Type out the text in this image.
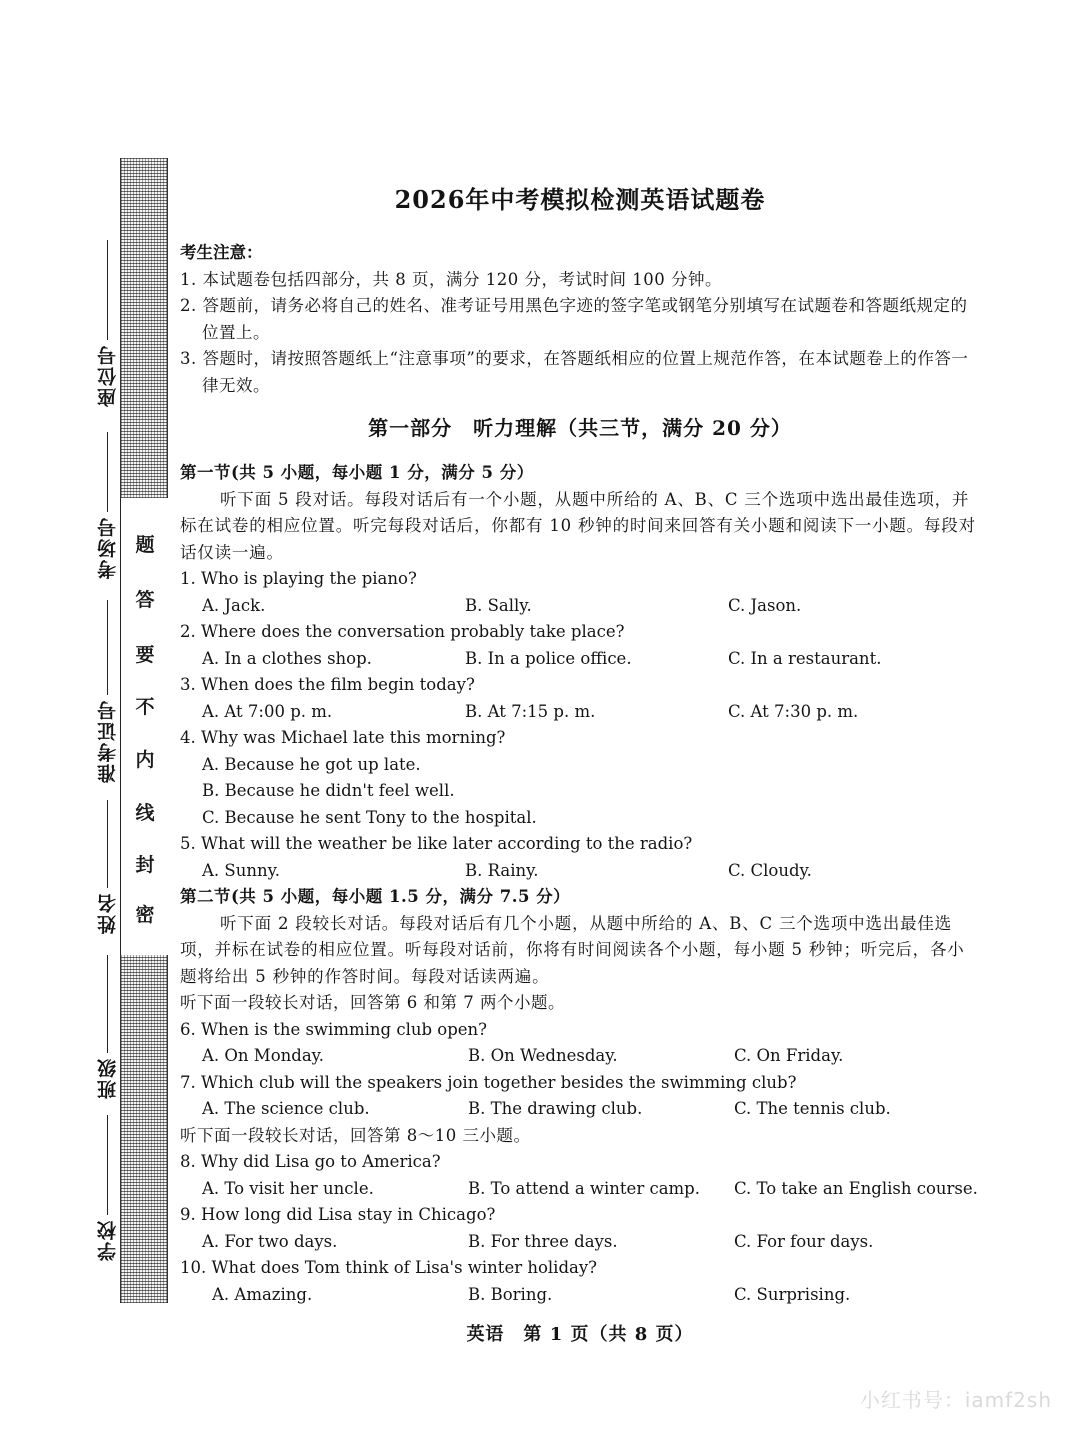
题
答
要
不
内
线
封
密
座位号
考场号
准考证号
姓名
班级
学校
2026年中考模拟检测英语试题卷
考生注意：
1. 本试题卷包括四部分，共 8 页，满分 120 分，考试时间 100 分钟。
2. 答题前，请务必将自己的姓名、准考证号用黑色字迹的签字笔或钢笔分别填写在试题卷和答题纸规定的位置上。
3. 答题时，请按照答题纸上“注意事项”的要求，在答题纸相应的位置上规范作答，在本试题卷上的作答一律无效。
第一部分　听力理解（共三节，满分 20 分）
第一节(共 5 小题，每小题 1 分，满分 5 分）
听下面 5 段对话。每段对话后有一个小题，从题中所给的 A、B、C 三个选项中选出最佳选项，并标在试卷的相应位置。听完每段对话后，你都有 10 秒钟的时间来回答有关小题和阅读下一小题。每段对话仅读一遍。
1. Who is playing the piano?
A. Jack.	B. Sally.	C. Jason.
2. Where does the conversation probably take place?
A. In a clothes shop.	B. In a police office.	C. In a restaurant.
3. When does the film begin today?
A. At 7:00 p. m.	B. At 7:15 p. m.	C. At 7:30 p. m.
4. Why was Michael late this morning?
A. Because he got up late.
B. Because he didn't feel well.
C. Because he sent Tony to the hospital.
5. What will the weather be like later according to the radio?
A. Sunny.	B. Rainy.	C. Cloudy.
第二节(共 5 小题，每小题 1.5 分，满分 7.5 分）
听下面 2 段较长对话。每段对话后有几个小题，从题中所给的 A、B、C 三个选项中选出最佳选项，并标在试卷的相应位置。听每段对话前，你将有时间阅读各个小题，每小题 5 秒钟；听完后，各小题将给出 5 秒钟的作答时间。每段对话读两遍。
听下面一段较长对话，回答第 6 和第 7 两个小题。
6. When is the swimming club open?
A. On Monday.	B. On Wednesday.	C. On Friday.
7. Which club will the speakers join together besides the swimming club?
A. The science club.	B. The drawing club.	C. The tennis club.
听下面一段较长对话，回答第 8～10 三小题。
8. Why did Lisa go to America?
A. To visit her uncle.	B. To attend a winter camp.	C. To take an English course.
9. How long did Lisa stay in Chicago?
A. For two days.	B. For three days.	C. For four days.
10. What does Tom think of Lisa's winter holiday?
A. Amazing.	B. Boring.	C. Surprising.
英语　第 1 页（共 8 页）
小红书号：iamf2sh
